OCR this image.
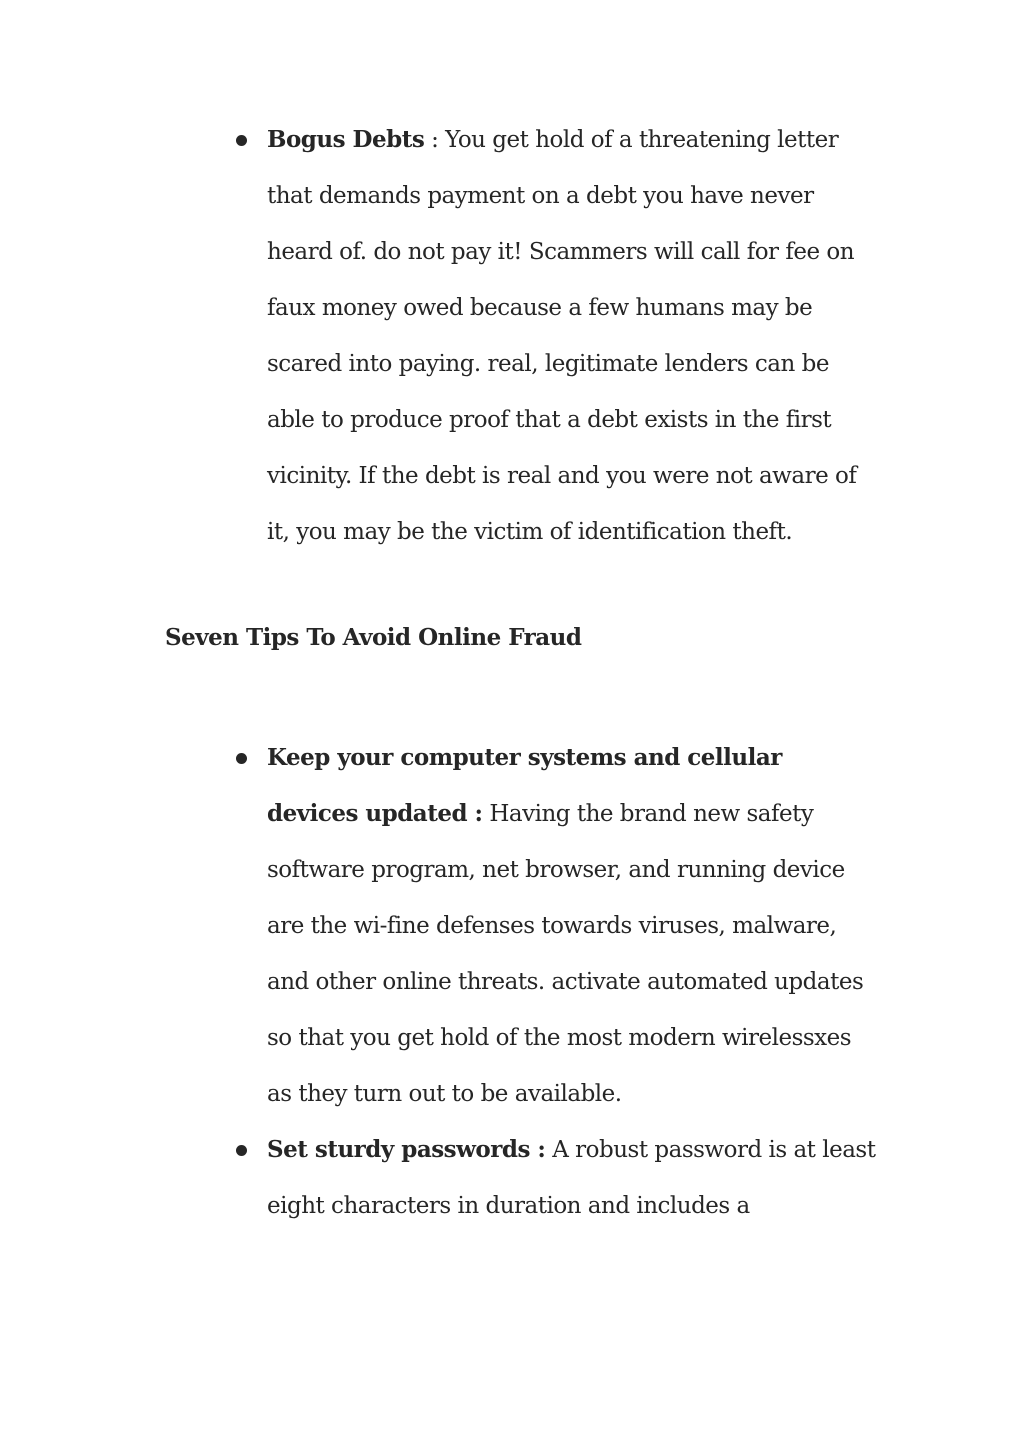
Bogus Debts : You get hold of a threatening letter that demands payment on a debt you have never heard of. do not pay it! Scammers will call for fee on faux money owed because a few humans may be scared into paying. real, legitimate lenders can be able to produce proof that a debt exists in the first vicinity. If the debt is real and you were not aware of it, you may be the victim of identification theft.
Seven Tips To Avoid Online Fraud
Keep your computer systems and cellular devices updated : Having the brand new safety software program, net browser, and running device are the wi-fine defenses towards viruses, malware, and other online threats. activate automated updates so that you get hold of the most modern wirelessxes as they turn out to be available.
Set sturdy passwords : A robust password is at least eight characters in duration and includes a
